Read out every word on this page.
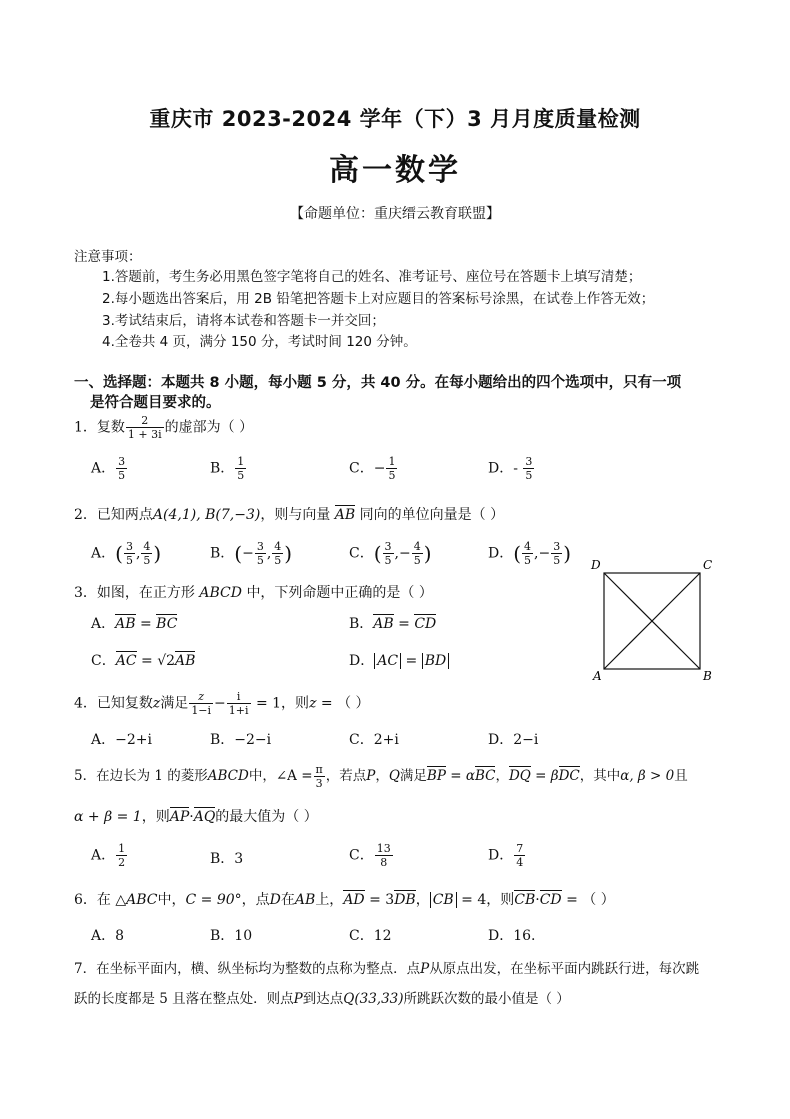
重庆市 2023-2024 学年（下）3 月月度质量检测
高一数学
【命题单位：重庆缙云教育联盟】
注意事项：
1.答题前，考生务必用黑色签字笔将自己的姓名、准考证号、座位号在答题卡上填写清楚；
2.每小题选出答案后，用 2B 铅笔把答题卡上对应题目的答案标号涂黑，在试卷上作答无效；
3.考试结束后，请将本试卷和答题卡一并交回；
4.全卷共 4 页，满分 150 分，考试时间 120 分钟。
一、选择题：本题共 8 小题，每小题 5 分，共 40 分。在每小题给出的四个选项中，只有一项
是符合题目要求的。
1．复数 $\frac{2}{1 + 3i}$ 的虚部为（ ）
A． $\frac{3}{5}$	B． $\frac{1}{5}$	C．− $\frac{1}{5}$	D．- $\frac{3}{5}$
2．已知两点A(4,1), B(7,−3)，则与向量 AB 同向的单位向量是（ ）
A．( $\frac{3}{5}$ , $\frac{4}{5}$ )	B．(− $\frac{3}{5}$ , $\frac{4}{5}$ )	C．( $\frac{3}{5}$ ,− $\frac{4}{5}$ )	D．( $\frac{4}{5}$ ,− $\frac{3}{5}$ )
3．如图，在正方形 ABCD 中，下列命题中正确的是（ ）
A．AB = BC	B．AB = CD
C．AC = √2AB	D． AC = BD
D	C
A	B
4．已知复数z满足 $\frac{z}{1-i} - \frac{i}{1+i} = 1$，则z = （ ）
A．−2+i	B．−2−i	C．2+i	D．2−i
5．在边长为 1 的菱形ABCD中，∠A = $\frac{\pi}{3}$ ，若点P，Q满足BP = αBC，DQ = βDC，其中α, β > 0且
α + β = 1，则AP·AQ的最大值为（ ）
A． $\frac{1}{2}$	B．3	C． $\frac{13}{8}$	D． $\frac{7}{4}$
6．在 △ABC中，C = 90°，点D在AB上，AD = 3DB， CB = 4，则CB·CD = （ ）
A．8	B．10	C．12	D．16.
7．在坐标平面内，横、纵坐标均为整数的点称为整点．点P从原点出发，在坐标平面内跳跃行进，每次跳
跃的长度都是 5 且落在整点处．则点P到达点Q(33,33)所跳跃次数的最小值是（ ）
